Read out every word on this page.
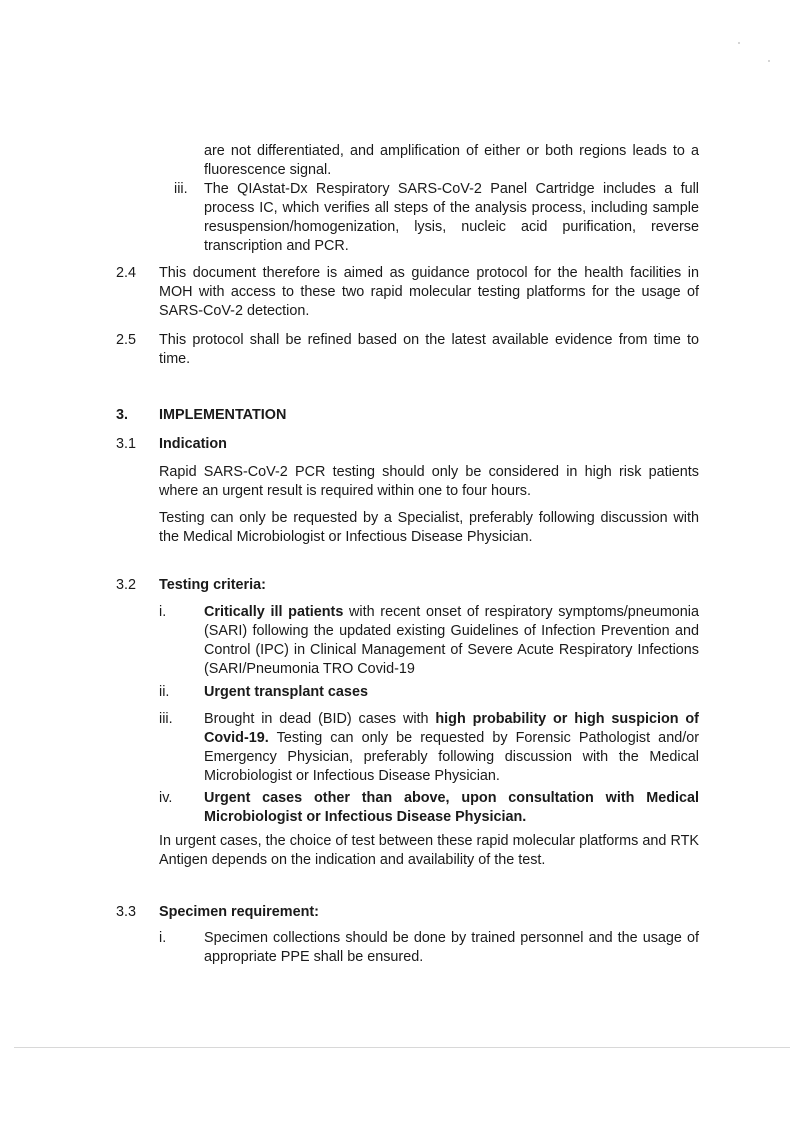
are not differentiated, and amplification of either or both regions leads to a fluorescence signal.
iii. The QIAstat-Dx Respiratory SARS-CoV-2 Panel Cartridge includes a full process IC, which verifies all steps of the analysis process, including sample resuspension/homogenization, lysis, nucleic acid purification, reverse transcription and PCR.
2.4 This document therefore is aimed as guidance protocol for the health facilities in MOH with access to these two rapid molecular testing platforms for the usage of SARS-CoV-2 detection.
2.5 This protocol shall be refined based on the latest available evidence from time to time.
3. IMPLEMENTATION
3.1 Indication
Rapid SARS-CoV-2 PCR testing should only be considered in high risk patients where an urgent result is required within one to four hours.
Testing can only be requested by a Specialist, preferably following discussion with the Medical Microbiologist or Infectious Disease Physician.
3.2 Testing criteria:
i.	Critically ill patients with recent onset of respiratory symptoms/pneumonia (SARI) following the updated existing Guidelines of Infection Prevention and Control (IPC) in Clinical Management of Severe Acute Respiratory Infections (SARI/Pneumonia TRO Covid-19
ii. Urgent transplant cases
iii. Brought in dead (BID) cases with high probability or high suspicion of Covid-19. Testing can only be requested by Forensic Pathologist and/or Emergency Physician, preferably following discussion with the Medical Microbiologist or Infectious Disease Physician.
iv. Urgent cases other than above, upon consultation with Medical Microbiologist or Infectious Disease Physician.
In urgent cases, the choice of test between these rapid molecular platforms and RTK Antigen depends on the indication and availability of the test.
3.3 Specimen requirement:
i.	Specimen collections should be done by trained personnel and the usage of appropriate PPE shall be ensured.
